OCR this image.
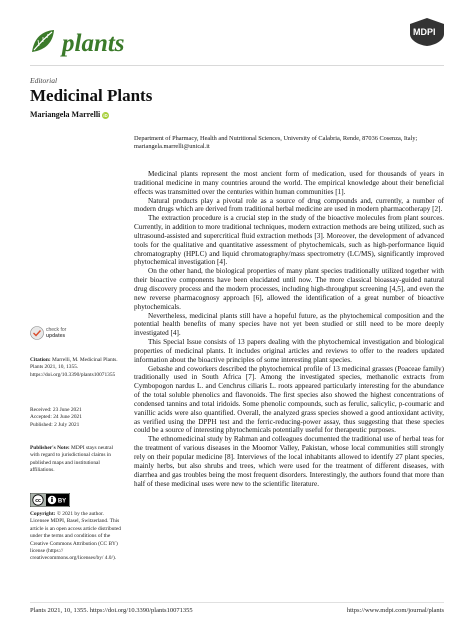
plants	MDPI
Editorial
Medicinal Plants
Mariangela Marrelli iD
Department of Pharmacy, Health and Nutritional Sciences, University of Calabria, Rende, 87036 Cosenza, Italy;
mariangela.marrelli@unical.it

Medicinal plants represent the most ancient form of medication, used for thousands of years in traditional medicine in many countries around the world. The empirical knowledge about their beneficial effects was transmitted over the centuries within human communities [1].

Natural products play a pivotal role as a source of drug compounds and, currently, a number of modern drugs which are derived from traditional herbal medicine are used in modern pharmacotherapy [2].

The extraction procedure is a crucial step in the study of the bioactive molecules from plant sources. Currently, in addition to more traditional techniques, modern extraction methods are being utilized, such as ultrasound-assisted and supercritical fluid extraction methods [3]. Moreover, the development of advanced tools for the qualitative and quantitative assessment of phytochemicals, such as high-performance liquid chromatography (HPLC) and liquid chromatography/mass spectrometry (LC/MS), significantly improved phytochemical investigation [4].

On the other hand, the biological properties of many plant species traditionally utilized together with their bioactive components have been elucidated until now. The more classical bioassay-guided natural drug discovery process and the modern processes, including high-throughput screening [4,5], and even the new reverse pharmacognosy approach [6], allowed the identification of a great number of bioactive phytochemicals.

Nevertheless, medicinal plants still have a hopeful future, as the phytochemical composition and the potential health benefits of many species have not yet been studied or still need to be more deeply investigated [4].

This Special Issue consists of 13 papers dealing with the phytochemical investigation and biological properties of medicinal plants. It includes original articles and reviews to offer to the readers updated information about the bioactive principles of some interesting plant species.

Gebashe and coworkers described the phytochemical profile of 13 medicinal grasses (Poaceae family) traditionally used in South Africa [7]. Among the investigated species, methanolic extracts from Cymbopogon nardus L. and Cenchrus ciliaris L. roots appeared particularly interesting for the abundance of the total soluble phenolics and flavonoids. The first species also showed the highest concentrations of condensed tannins and total iridoids. Some phenolic compounds, such as ferulic, salicylic, p-coumaric and vanillic acids were also quantified. Overall, the analyzed grass species showed a good antioxidant activity, as verified using the DPPH test and the ferric-reducing-power assay, thus suggesting that these species could be a source of interesting phytochemicals potentially useful for therapeutic purposes.

The ethnomedicinal study by Rahman and colleagues documented the traditional use of herbal teas for the treatment of various diseases in the Moomor Valley, Pakistan, whose local communities still strongly rely on their popular medicine [8]. Interviews of the local inhabitants allowed to identify 27 plant species, mainly herbs, but also shrubs and trees, which were used for the treatment of different diseases, with diarrhea and gas troubles being the most frequent disorders. Interestingly, the authors found that more than half of these medicinal uses were new to the scientific literature.

check for
updates

Citation: Marrelli, M. Medicinal Plants. Plants 2021, 10, 1355. https://doi.org/10.3390/plants10071355

Received: 23 June 2021
Accepted: 24 June 2021
Published: 2 July 2021

Publisher's Note: MDPI stays neutral with regard to jurisdictional claims in published maps and institutional affiliations.

cc	BY

Copyright: © 2021 by the author. Licensee MDPI, Basel, Switzerland. This article is an open access article distributed under the terms and conditions of the Creative Commons Attribution (CC BY) license (https:// creativecommons.org/licenses/by/ 4.0/).

Plants 2021, 10, 1355. https://doi.org/10.3390/plants10071355	https://www.mdpi.com/journal/plants
